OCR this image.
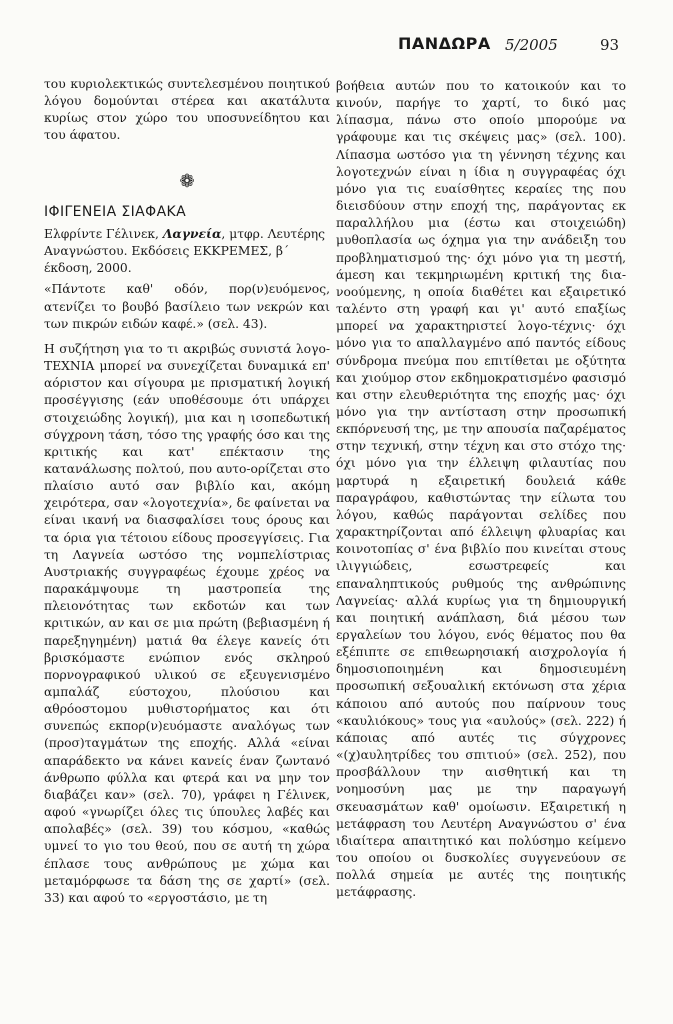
ΠΑΝΔΩΡΑ 5/2005	93

του κυριολεκτικώς συντελεσμένου ποιητικού λόγου δομούνται στέρεα και ακατάλυτα κυρίως στον χώρο του υποσυνείδητου και του άφατου.

❁

ΙΦΙΓΕΝΕΙΑ ΣΙΑΦΑΚΑ

Ελφρίντε Γέλινεκ, Λαγνεία, μτφρ. Λευτέρης Αναγνώστου. Εκδόσεις ΕΚΚΡΕΜΕΣ, β΄ έκδοση, 2000.

«Πάντοτε καθ' οδόν, πορ(ν)ευόμενος, ατενίζει το βουβό βασίλειο των νεκρών και των πικρών ειδών καφέ.» (σελ. 43).

Η συζήτηση για το τι ακριβώς συνιστά λογο-ΤΕΧΝΙΑ μπορεί να συνεχίζεται δυναμικά επ' αόριστον και σίγουρα με πρισματική λογική προσέγγισης (εάν υποθέσουμε ότι υπάρχει στοιχειώδης λογική), μια και η ισοπεδωτική σύγχρονη τάση, τόσο της γραφής όσο και της κριτικής και κατ' επέκτασιν της κατανάλωσης πολτού, που αυτο-ορίζεται στο πλαίσιο αυτό σαν βιβλίο και, ακόμη χειρότερα, σαν «λογοτεχνία», δε φαίνεται να είναι ικανή να διασφαλίσει τους όρους και τα όρια για τέτοιου είδους προσεγγίσεις. Για τη Λαγνεία ωστόσο της νομπελίστριας Αυστριακής συγγραφέως έχουμε χρέος να παρακάμψουμε τη μαστροπεία της πλειονότητας των εκδοτών και των κριτικών, αν και σε μια πρώτη (βεβιασμένη ή παρεξηγημένη) ματιά θα έλεγε κανείς ότι βρισκόμαστε ενώπιον ενός σκληρού πορνογραφικού υλικού σε εξευγενισμένο αμπαλάζ εύστοχου, πλούσιου και αθρόοστομου μυθιστορήματος και ότι συνεπώς εκπορ(ν)ευόμαστε αναλόγως των (προσ)ταγμάτων της εποχής. Αλλά «είναι απαράδεκτο να κάνει κανείς έναν ζωντανό άνθρωπο φύλλα και φτερά και να μην τον διαβάζει καν» (σελ. 70), γράφει η Γέλινεκ, αφού «γνωρίζει όλες τις ύπουλες λαβές και απολαβές» (σελ. 39) του κόσμου, «καθώς υμνεί το γιο του θεού, που σε αυτή τη χώρα έπλασε τους ανθρώπους με χώμα και μεταμόρφωσε τα δάση της σε χαρτί» (σελ. 33) και αφού το «εργοστάσιο, με τη

βοήθεια αυτών που το κατοικούν και το κινούν, παρήγε το χαρτί, το δικό μας λίπασμα, πάνω στο οποίο μπορούμε να γράφουμε και τις σκέψεις μας» (σελ. 100). Λίπασμα ωστόσο για τη γέννηση τέχνης και λογοτεχνών είναι η ίδια η συγγραφέας όχι μόνο για τις ευαίσθητες κεραίες της που διεισδύουν στην εποχή της, παράγοντας εκ παραλλήλου μια (έστω και στοιχειώδη) μυθοπλασία ως όχημα για την ανάδειξη του προβληματισμού της· όχι μόνο για τη μεστή, άμεση και τεκμηριωμένη κριτική της δια-νοούμενης, η οποία διαθέτει και εξαιρετικό ταλέντο στη γραφή και γι' αυτό επαξίως μπορεί να χαρακτηριστεί λογο-τέχνις· όχι μόνο για το απαλλαγμένο από παντός είδους σύνδρομα πνεύμα που επιτίθεται με οξύτητα και χιούμορ στον εκδημοκρατισμένο φασισμό και στην ελευθεριότητα της εποχής μας· όχι μόνο για την αντίσταση στην προσωπική εκπόρνευσή της, με την απουσία παζαρέματος στην τεχνική, στην τέχνη και στο στόχο της· όχι μόνο για την έλλειψη φιλαυτίας που μαρτυρά η εξαιρετική δουλειά κάθε παραγράφου, καθιστώντας την είλωτα του λόγου, καθώς παράγονται σελίδες που χαρακτηρίζονται από έλλειψη φλυαρίας και κοινοτοπίας σ' ένα βιβλίο που κινείται στους ιλιγγιώδεις, εσωστρεφείς και επαναληπτικούς ρυθμούς της ανθρώπινης Λαγνείας· αλλά κυρίως για τη δημιουργική και ποιητική ανάπλαση, διά μέσου των εργαλείων του λόγου, ενός θέματος που θα εξέπιπτε σε επιθεωρησιακή αισχρολογία ή δημοσιοποιημένη και δημοσιευμένη προσωπική σεξουαλική εκτόνωση στα χέρια κάποιου από αυτούς που παίρνουν τους «καυλιόκους» τους για «αυλούς» (σελ. 222) ή κάποιας από αυτές τις σύγχρονες «(χ)αυλητρίδες του σπιτιού» (σελ. 252), που προσβάλλουν την αισθητική και τη νοημοσύνη μας με την παραγωγή σκευασμάτων καθ' ομοίωσιν. Εξαιρετική η μετάφραση του Λευτέρη Αναγνώστου σ' ένα ιδιαίτερα απαιτητικό και πολύσημο κείμενο του οποίου οι δυσκολίες συγγενεύουν σε πολλά σημεία με αυτές της ποιητικής μετάφρασης.
